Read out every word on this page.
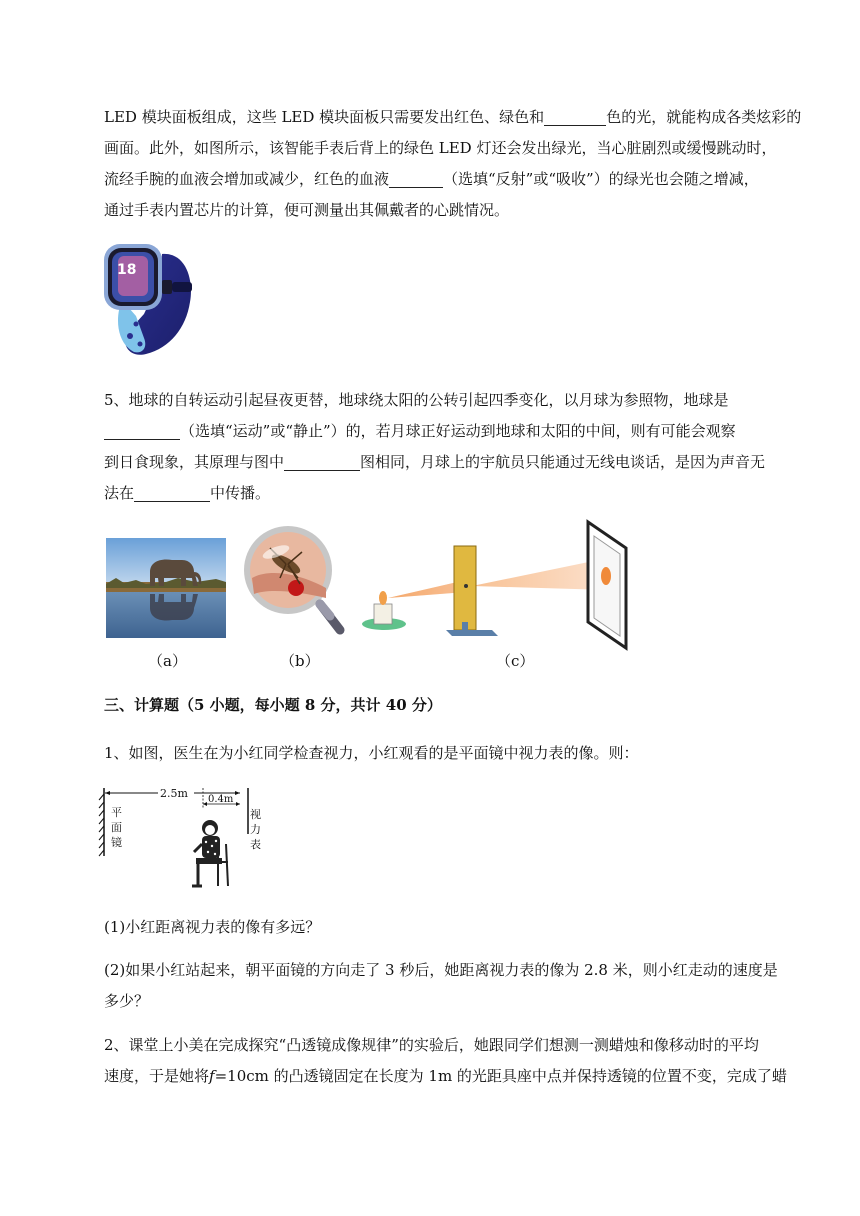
LED 模块面板组成，这些 LED 模块面板只需要发出红色、绿色和	色的光，就能构成各类炫彩的
画面。此外，如图所示，该智能手表后背上的绿色 LED 灯还会发出绿光，当心脏剧烈或缓慢跳动时，
流经手腕的血液会增加或减少，红色的血液	（选填“反射”或“吸收”）的绿光也会随之增减，
通过手表内置芯片的计算，便可测量出其佩戴者的心跳情况。
18
5、地球的自转运动引起昼夜更替，地球绕太阳的公转引起四季变化，以月球为参照物，地球是
（选填“运动”或“静止”）的，若月球正好运动到地球和太阳的中间，则有可能会观察
到日食现象，其原理与图中	图相同，月球上的宇航员只能通过无线电谈话，是因为声音无
法在	中传播。
（a）	（b）	（c）
三、计算题（5 小题，每小题 8 分，共计 40 分）
1、如图，医生在为小红同学检查视力，小红观看的是平面镜中视力表的像。则：
2.5m 0.4m
平
面
镜
视
力
表
(1)小红距离视力表的像有多远？
(2)如果小红站起来，朝平面镜的方向走了 3 秒后，她距离视力表的像为 2.8 米，则小红走动的速度是
多少？
2、课堂上小美在完成探究“凸透镜成像规律”的实验后，她跟同学们想测一测蜡烛和像移动时的平均
速度，于是她将f=10cm 的凸透镜固定在长度为 1m 的光距具座中点并保持透镜的位置不变，完成了蜡
